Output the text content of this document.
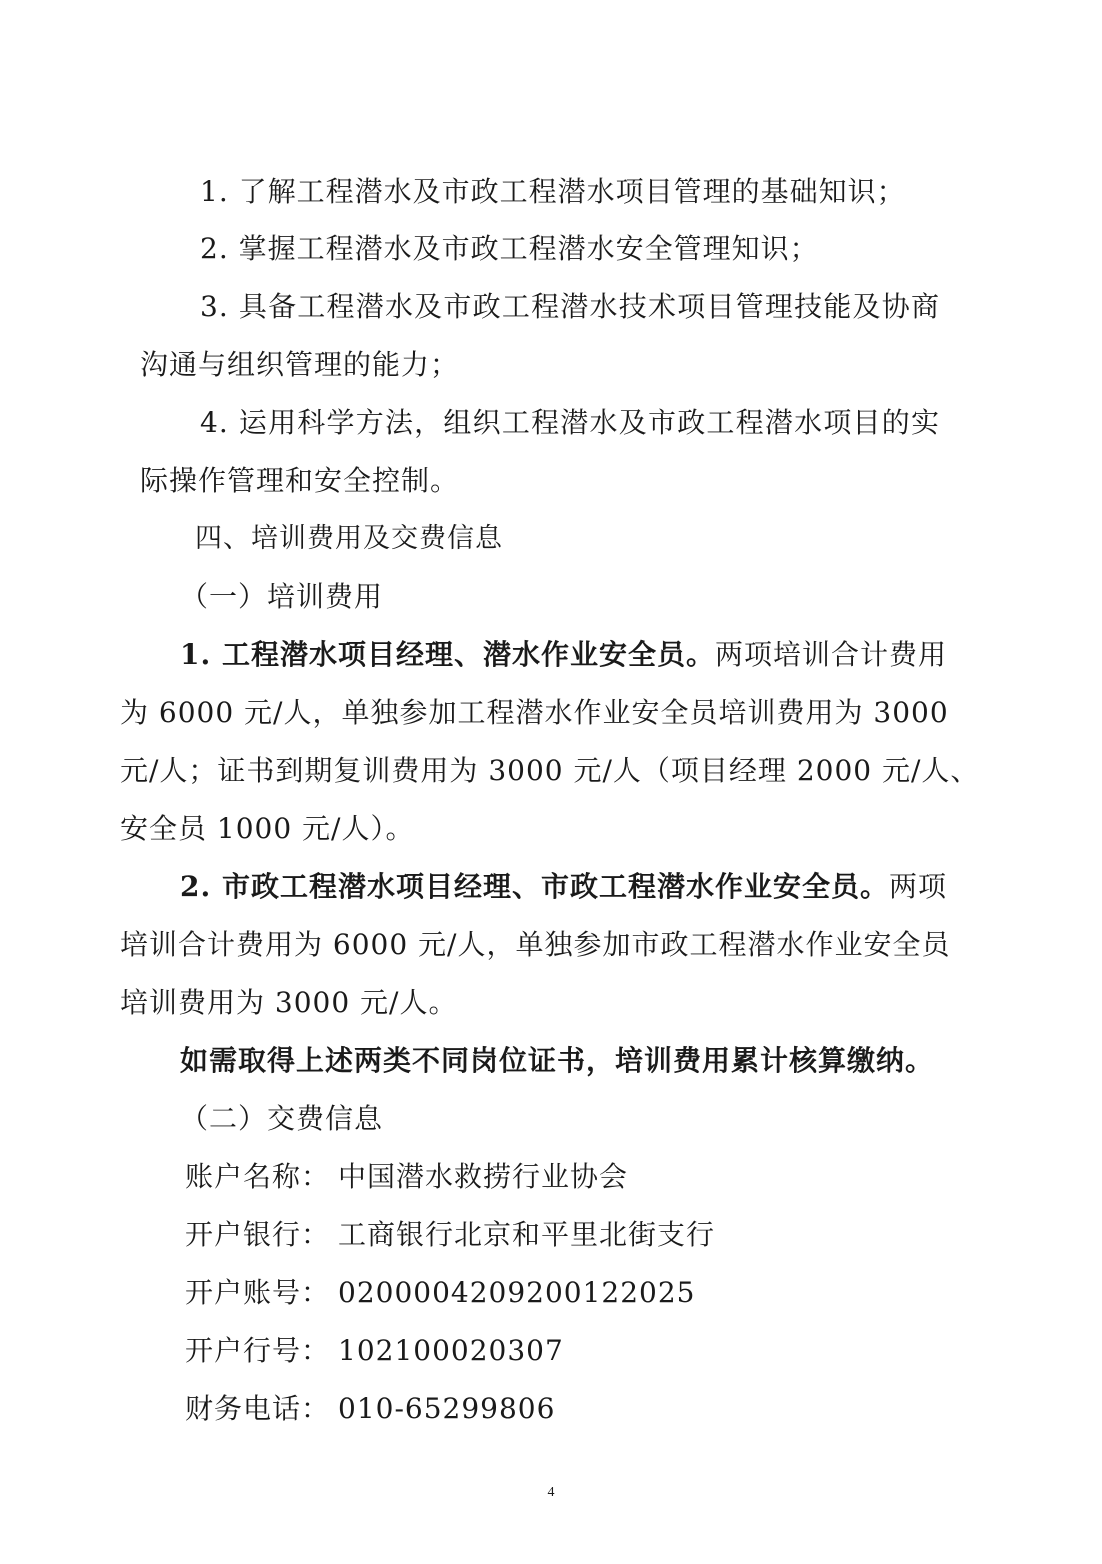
1. 了解工程潜水及市政工程潜水项目管理的基础知识；
2. 掌握工程潜水及市政工程潜水安全管理知识；
3. 具备工程潜水及市政工程潜水技术项目管理技能及协商
沟通与组织管理的能力；
4. 运用科学方法，组织工程潜水及市政工程潜水项目的实
际操作管理和安全控制。
四、培训费用及交费信息
（一）培训费用
1. 工程潜水项目经理、潜水作业安全员。两项培训合计费用
为 6000 元/人，单独参加工程潜水作业安全员培训费用为 3000
元/人；证书到期复训费用为 3000 元/人（项目经理 2000 元/人、
安全员 1000 元/人）。
2. 市政工程潜水项目经理、市政工程潜水作业安全员。两项
培训合计费用为 6000 元/人，单独参加市政工程潜水作业安全员
培训费用为 3000 元/人。
如需取得上述两类不同岗位证书，培训费用累计核算缴纳。
（二）交费信息
账户名称： 中国潜水救捞行业协会
开户银行： 工商银行北京和平里北街支行
开户账号： 0200004209200122025
开户行号： 102100020307
财务电话： 010-65299806
4
